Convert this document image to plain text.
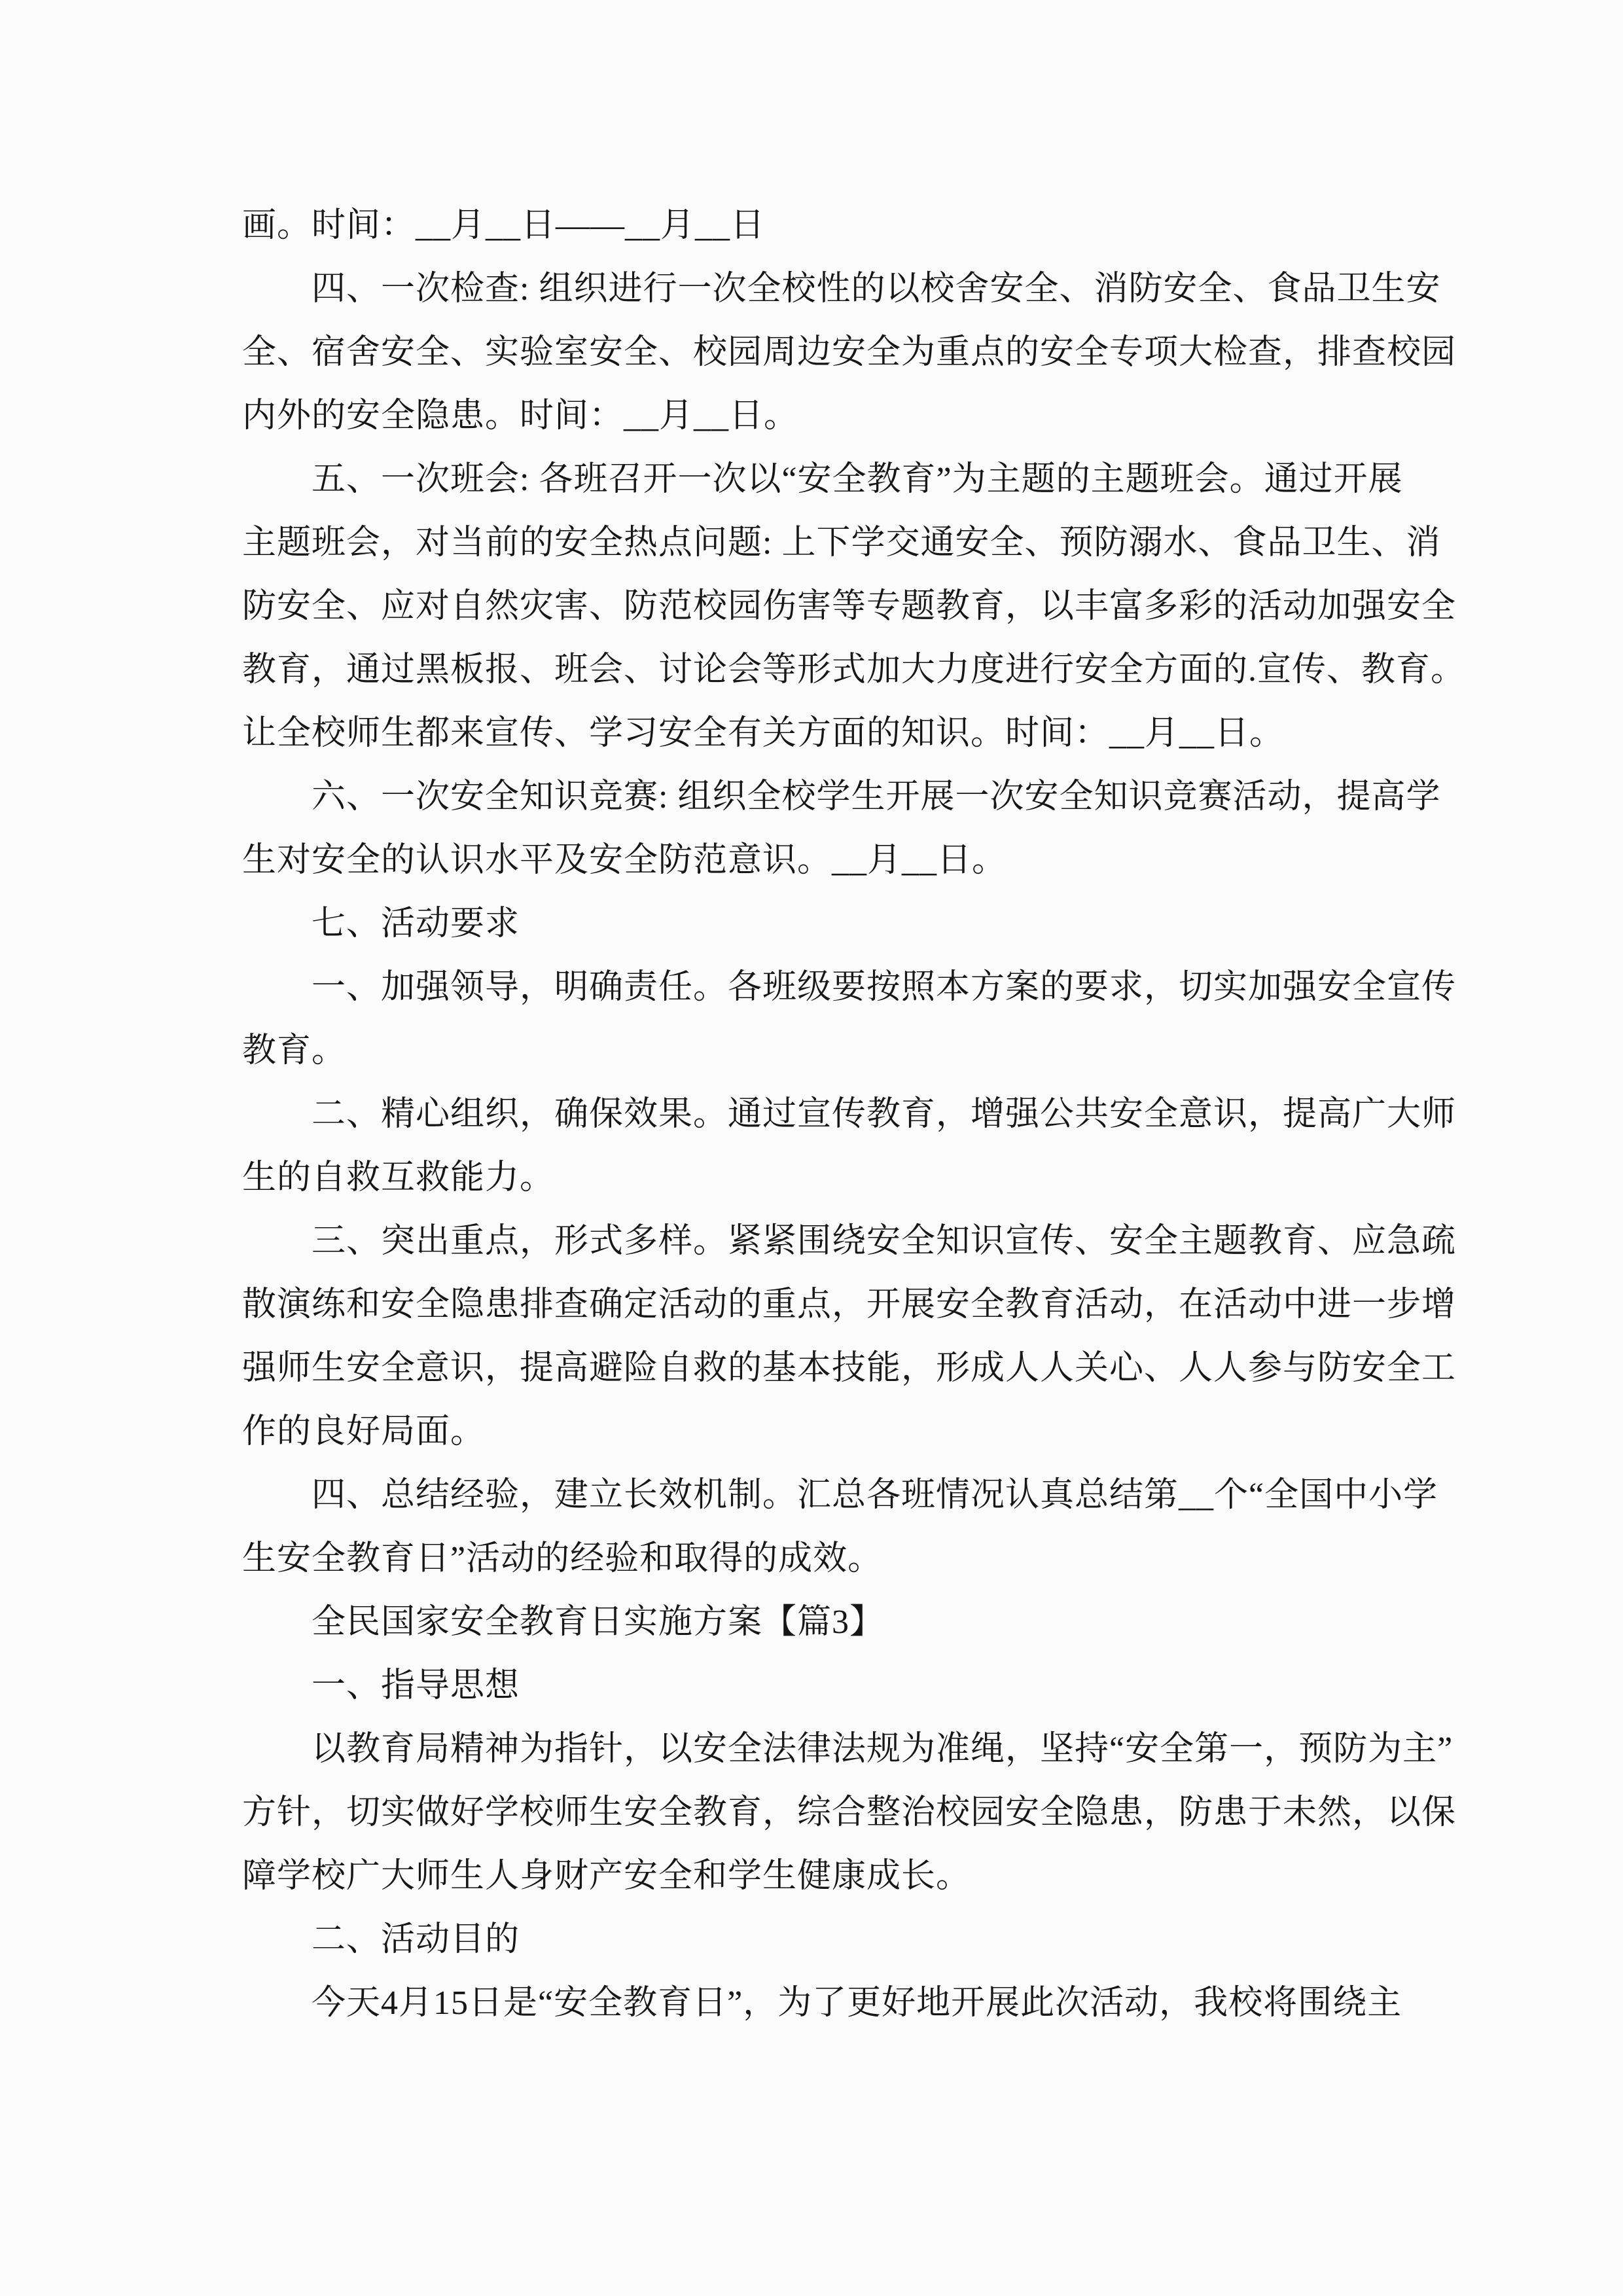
画。时间：__月__日——__月__日
四、一次检查: 组织进行一次全校性的以校舍安全、消防安全、食品卫生安
全、宿舍安全、实验室安全、校园周边安全为重点的安全专项大检查，排查校园
内外的安全隐患。时间：__月__日。
五、一次班会: 各班召开一次以“安全教育”为主题的主题班会。通过开展
主题班会，对当前的安全热点问题: 上下学交通安全、预防溺水、食品卫生、消
防安全、应对自然灾害、防范校园伤害等专题教育，以丰富多彩的活动加强安全
教育，通过黑板报、班会、讨论会等形式加大力度进行安全方面的.宣传、教育。
让全校师生都来宣传、学习安全有关方面的知识。时间：__月__日。
六、一次安全知识竞赛: 组织全校学生开展一次安全知识竞赛活动，提高学
生对安全的认识水平及安全防范意识。__月__日。
七、活动要求
一、加强领导，明确责任。各班级要按照本方案的要求，切实加强安全宣传
教育。
二、精心组织，确保效果。通过宣传教育，增强公共安全意识，提高广大师
生的自救互救能力。
三、突出重点，形式多样。紧紧围绕安全知识宣传、安全主题教育、应急疏
散演练和安全隐患排查确定活动的重点，开展安全教育活动，在活动中进一步增
强师生安全意识，提高避险自救的基本技能，形成人人关心、人人参与防安全工
作的良好局面。
四、总结经验，建立长效机制。汇总各班情况认真总结第__个“全国中小学
生安全教育日”活动的经验和取得的成效。
全民国家安全教育日实施方案【篇3】
一、指导思想
以教育局精神为指针，以安全法律法规为准绳，坚持“安全第一，预防为主”
方针，切实做好学校师生安全教育，综合整治校园安全隐患，防患于未然，以保
障学校广大师生人身财产安全和学生健康成长。
二、活动目的
今天4月15日是“安全教育日”，为了更好地开展此次活动，我校将围绕主
